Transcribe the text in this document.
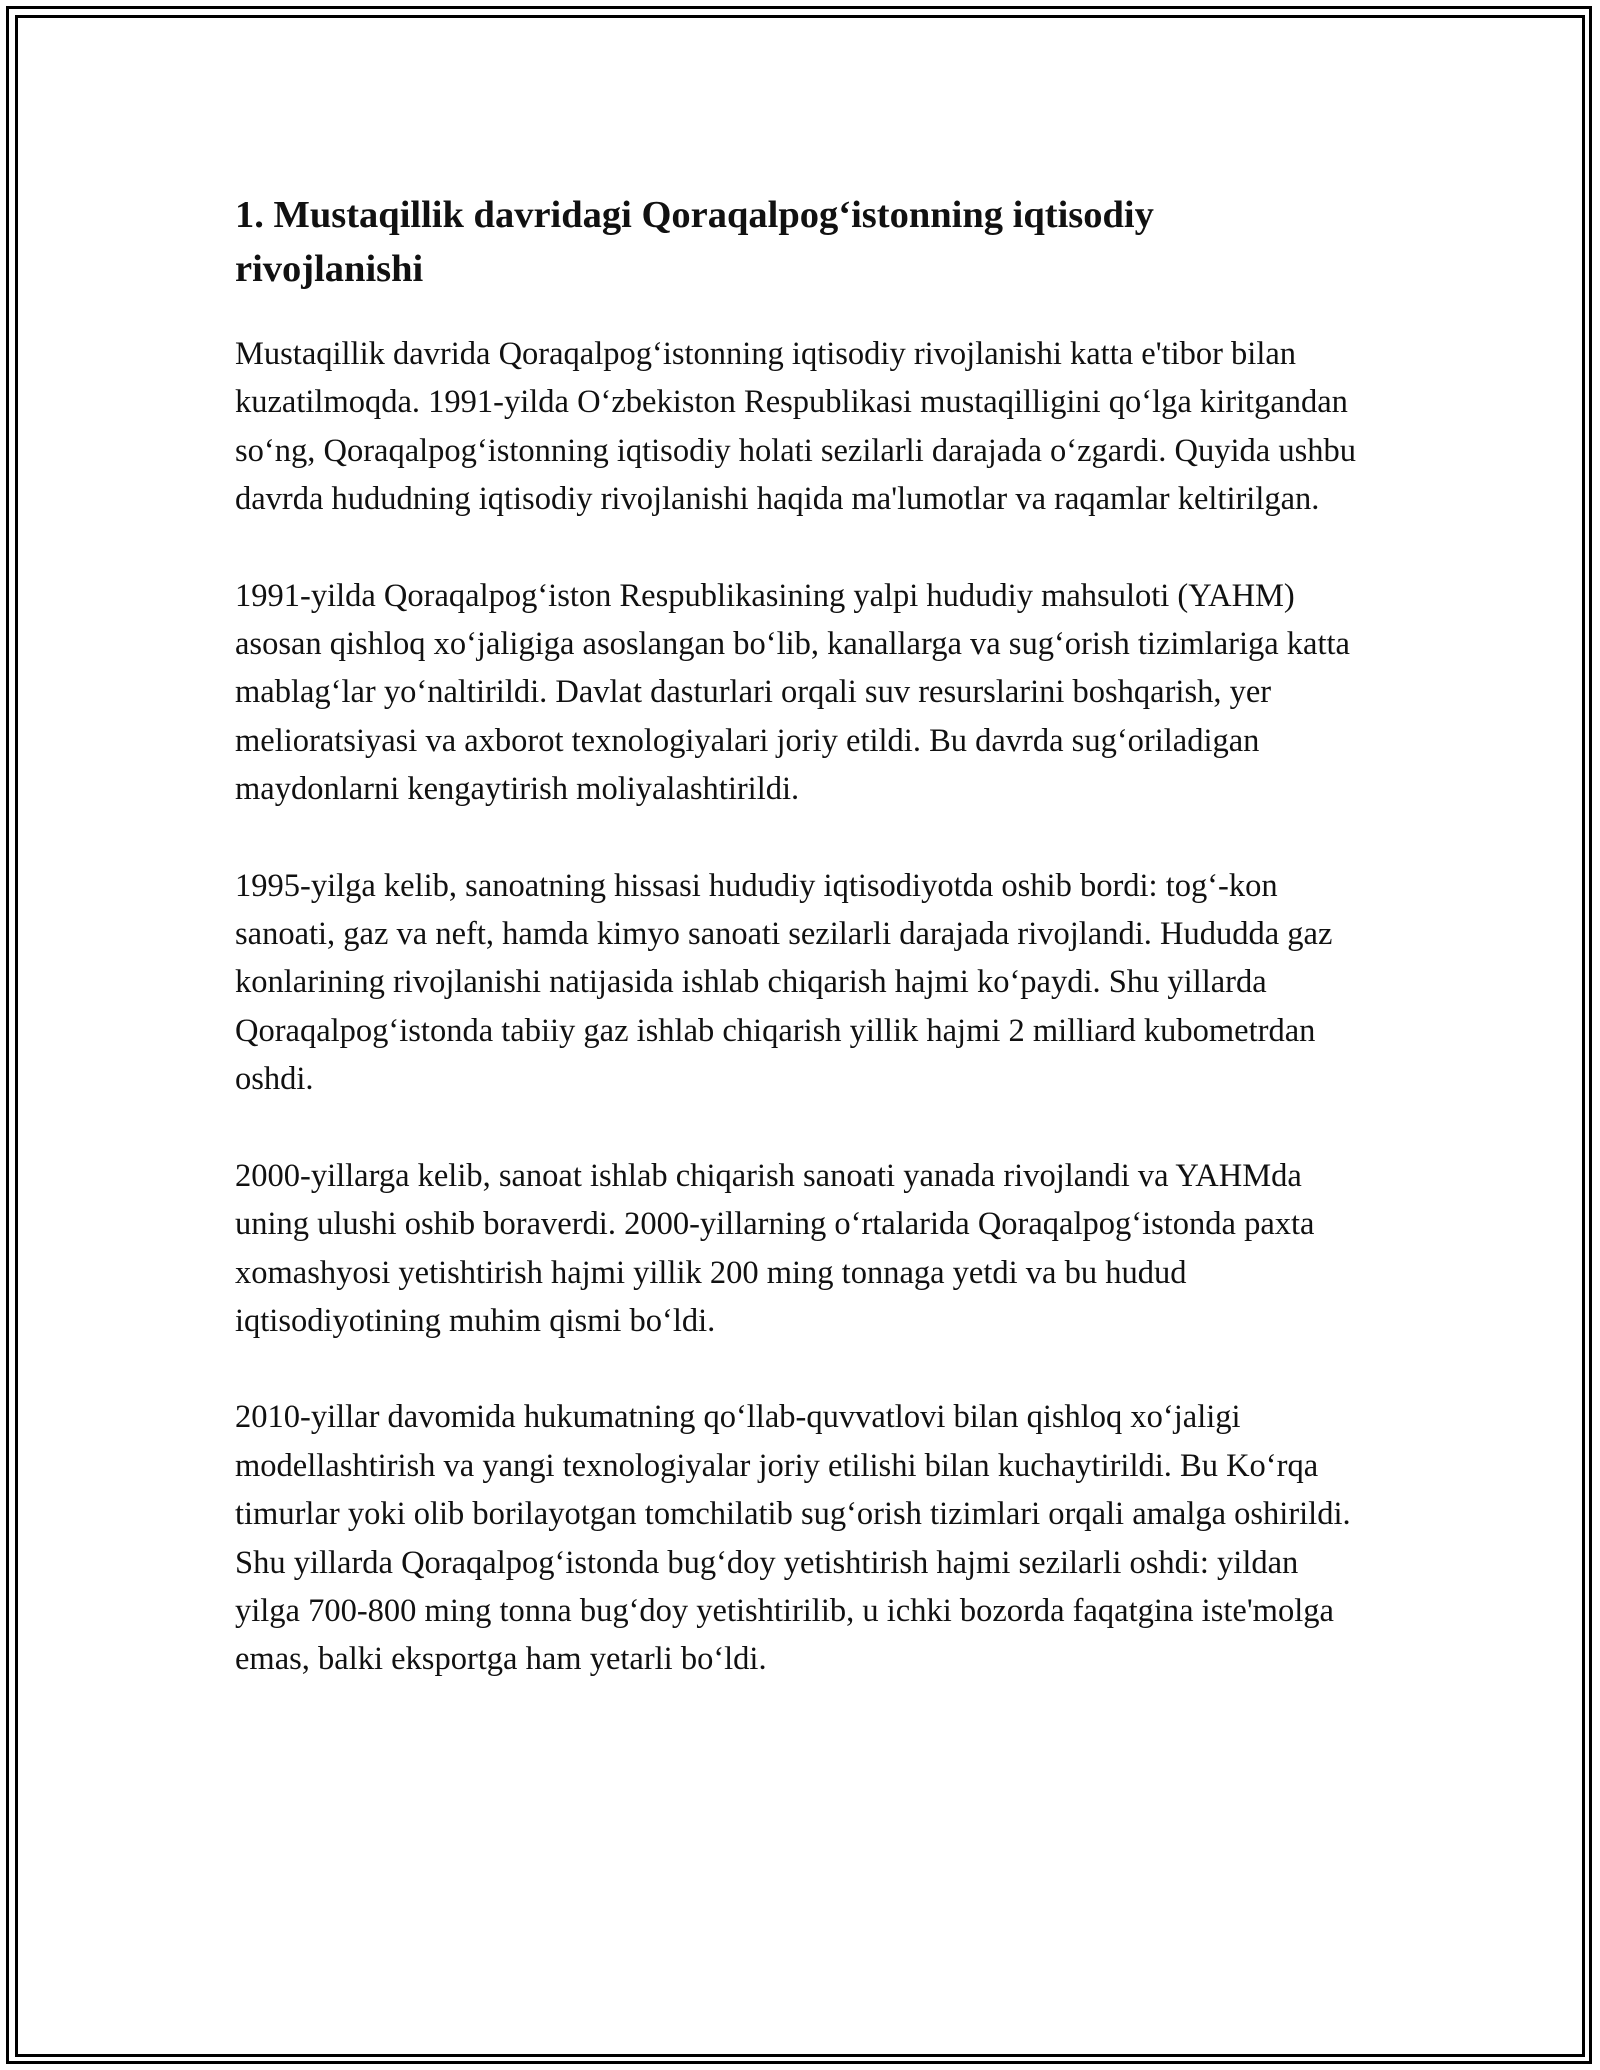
1. Mustaqillik davridagi Qoraqalpog‘istonning iqtisodiy rivojlanishi

Mustaqillik davrida Qoraqalpog‘istonning iqtisodiy rivojlanishi katta e'tibor bilan kuzatilmoqda. 1991-yilda O‘zbekiston Respublikasi mustaqilligini qo‘lga kiritgandan so‘ng, Qoraqalpog‘istonning iqtisodiy holati sezilarli darajada o‘zgardi. Quyida ushbu davrda hududning iqtisodiy rivojlanishi haqida ma'lumotlar va raqamlar keltirilgan.

1991-yilda Qoraqalpog‘iston Respublikasining yalpi hududiy mahsuloti (YAHM) asosan qishloq xo‘jaligiga asoslangan bo‘lib, kanallarga va sug‘orish tizimlariga katta mablag‘lar yo‘naltirildi. Davlat dasturlari orqali suv resurslarini boshqarish, yer melioratsiyasi va axborot texnologiyalari joriy etildi. Bu davrda sug‘oriladigan maydonlarni kengaytirish moliyalashtirildi.

1995-yilga kelib, sanoatning hissasi hududiy iqtisodiyotda oshib bordi: tog‘-kon sanoati, gaz va neft, hamda kimyo sanoati sezilarli darajada rivojlandi. Hududda gaz konlarining rivojlanishi natijasida ishlab chiqarish hajmi ko‘paydi. Shu yillarda Qoraqalpog‘istonda tabiiy gaz ishlab chiqarish yillik hajmi 2 milliard kubometrdan oshdi.

2000-yillarga kelib, sanoat ishlab chiqarish sanoati yanada rivojlandi va YAHMda uning ulushi oshib boraverdi. 2000-yillarning o‘rtalarida Qoraqalpog‘istonda paxta xomashyosi yetishtirish hajmi yillik 200 ming tonnaga yetdi va bu hudud iqtisodiyotining muhim qismi bo‘ldi.

2010-yillar davomida hukumatning qo‘llab-quvvatlovi bilan qishloq xo‘jaligi modellashtirish va yangi texnologiyalar joriy etilishi bilan kuchaytirildi. Bu Ko‘rqa timurlar yoki olib borilayotgan tomchilatib sug‘orish tizimlari orqali amalga oshirildi. Shu yillarda Qoraqalpog‘istonda bug‘doy yetishtirish hajmi sezilarli oshdi: yildan yilga 700-800 ming tonna bug‘doy yetishtirilib, u ichki bozorda faqatgina iste'molga emas, balki eksportga ham yetarli bo‘ldi.
